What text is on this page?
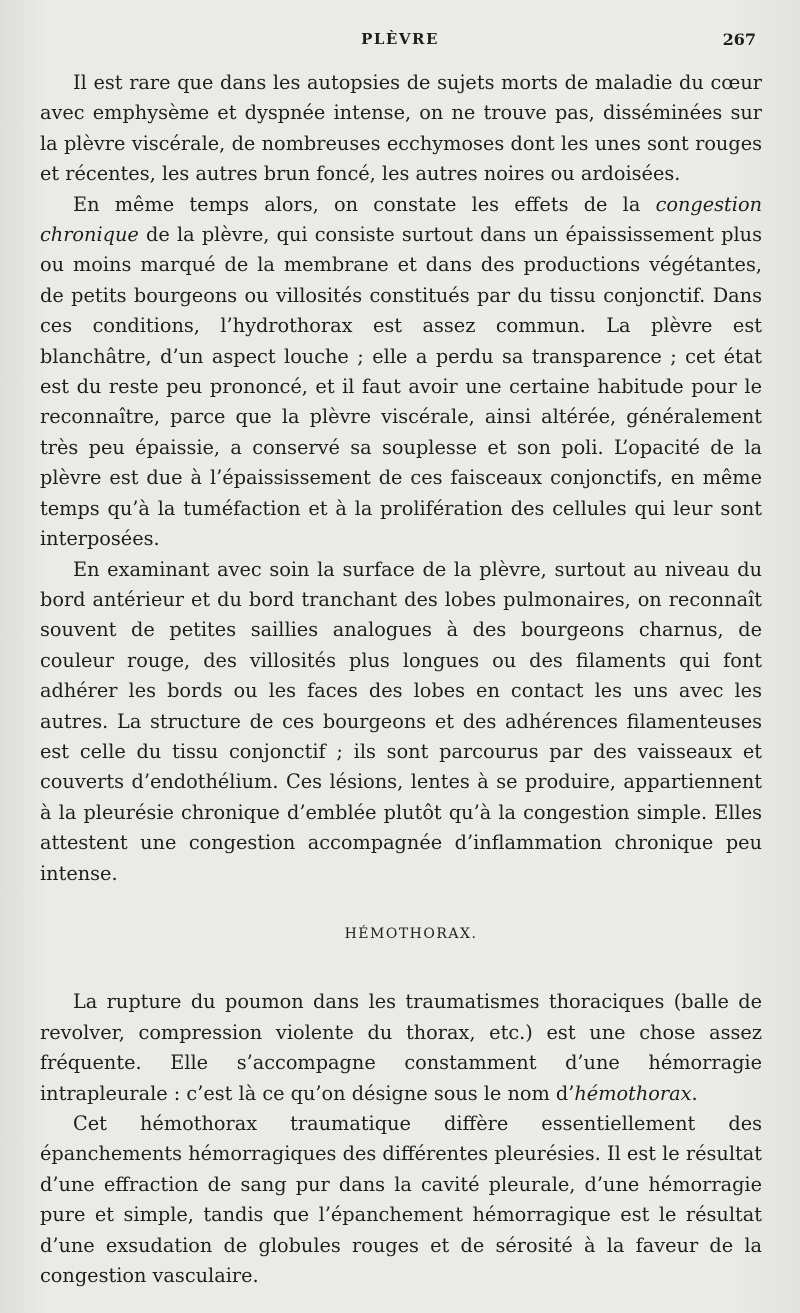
PLÈVRE	267

Il est rare que dans les autopsies de sujets morts de maladie du cœur avec emphysème et dyspnée intense, on ne trouve pas, disséminées sur la plèvre viscérale, de nombreuses ecchymoses dont les unes sont rouges et récentes, les autres brun foncé, les autres noires ou ardoisées.

En même temps alors, on constate les effets de la congestion chronique de la plèvre, qui consiste surtout dans un épaississement plus ou moins marqué de la membrane et dans des productions végétantes, de petits bourgeons ou villosités constitués par du tissu conjonctif. Dans ces conditions, l’hydrothorax est assez commun. La plèvre est blanchâtre, d’un aspect louche ; elle a perdu sa transparence ; cet état est du reste peu prononcé, et il faut avoir une certaine habitude pour le reconnaître, parce que la plèvre viscérale, ainsi altérée, généralement très peu épaissie, a conservé sa souplesse et son poli. L’opacité de la plèvre est due à l’épaississement de ces faisceaux conjonctifs, en même temps qu’à la tuméfaction et à la prolifération des cellules qui leur sont interposées.

En examinant avec soin la surface de la plèvre, surtout au niveau du bord antérieur et du bord tranchant des lobes pulmonaires, on reconnaît souvent de petites saillies analogues à des bourgeons charnus, de couleur rouge, des villosités plus longues ou des filaments qui font adhérer les bords ou les faces des lobes en contact les uns avec les autres. La structure de ces bourgeons et des adhérences filamenteuses est celle du tissu conjonctif ; ils sont parcourus par des vaisseaux et couverts d’endothélium. Ces lésions, lentes à se produire, appartiennent à la pleurésie chronique d’emblée plutôt qu’à la congestion simple. Elles attestent une congestion accompagnée d’inflammation chronique peu intense.

HÉMOTHORAX.

La rupture du poumon dans les traumatismes thoraciques (balle de revolver, compression violente du thorax, etc.) est une chose assez fréquente. Elle s’accompagne constamment d’une hémorragie intrapleurale : c’est là ce qu’on désigne sous le nom d’hémothorax.

Cet hémothorax traumatique diffère essentiellement des épanchements hémorragiques des différentes pleurésies. Il est le résultat d’une effraction de sang pur dans la cavité pleurale, d’une hémorragie pure et simple, tandis que l’épanchement hémorragique est le résultat d’une exsudation de globules rouges et de sérosité à la faveur de la congestion vasculaire.
